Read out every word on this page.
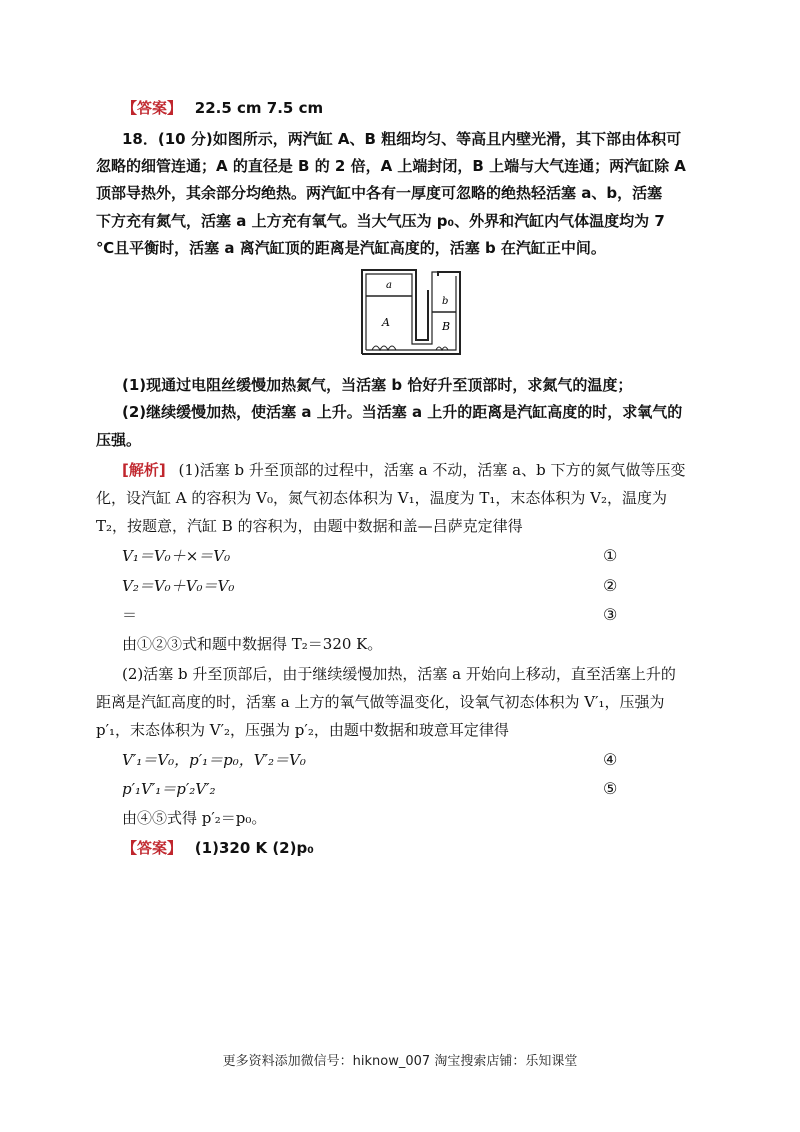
【答案】 22.5 cm 7.5 cm
18．(10 分)如图所示，两汽缸 A、B 粗细均匀、等高且内壁光滑，其下部由体积可
忽略的细管连通；A 的直径是 B 的 2 倍，A 上端封闭，B 上端与大气连通；两汽缸除 A
顶部导热外，其余部分均绝热。两汽缸中各有一厚度可忽略的绝热轻活塞 a、b，活塞
下方充有氮气，活塞 a 上方充有氧气。当大气压为 p₀、外界和汽缸内气体温度均为 7
℃且平衡时，活塞 a 离汽缸顶的距离是汽缸高度的，活塞 b 在汽缸正中间。
a
A
b
B
(1)现通过电阻丝缓慢加热氮气，当活塞 b 恰好升至顶部时，求氮气的温度；
(2)继续缓慢加热，使活塞 a 上升。当活塞 a 上升的距离是汽缸高度的时，求氧气的
压强。
[解析] (1)活塞 b 升至顶部的过程中，活塞 a 不动，活塞 a、b 下方的氮气做等压变
化，设汽缸 A 的容积为 V₀，氮气初态体积为 V₁，温度为 T₁，末态体积为 V₂，温度为
T₂，按题意，汽缸 B 的容积为，由题中数据和盖—吕萨克定律得
V₁＝V₀＋×＝V₀	①
V₂＝V₀＋V₀＝V₀	②
＝	③
由①②③式和题中数据得 T₂＝320 K。
(2)活塞 b 升至顶部后，由于继续缓慢加热，活塞 a 开始向上移动，直至活塞上升的
距离是汽缸高度的时，活塞 a 上方的氧气做等温变化，设氧气初态体积为 V′₁，压强为
p′₁，末态体积为 V′₂，压强为 p′₂，由题中数据和玻意耳定律得
V′₁＝V₀，p′₁＝p₀，V′₂＝V₀	④
p′₁V′₁＝p′₂V′₂	⑤
由④⑤式得 p′₂＝p₀。
【答案】 (1)320 K (2)p₀
更多资料添加微信号：hiknow_007 淘宝搜索店铺：乐知课堂
